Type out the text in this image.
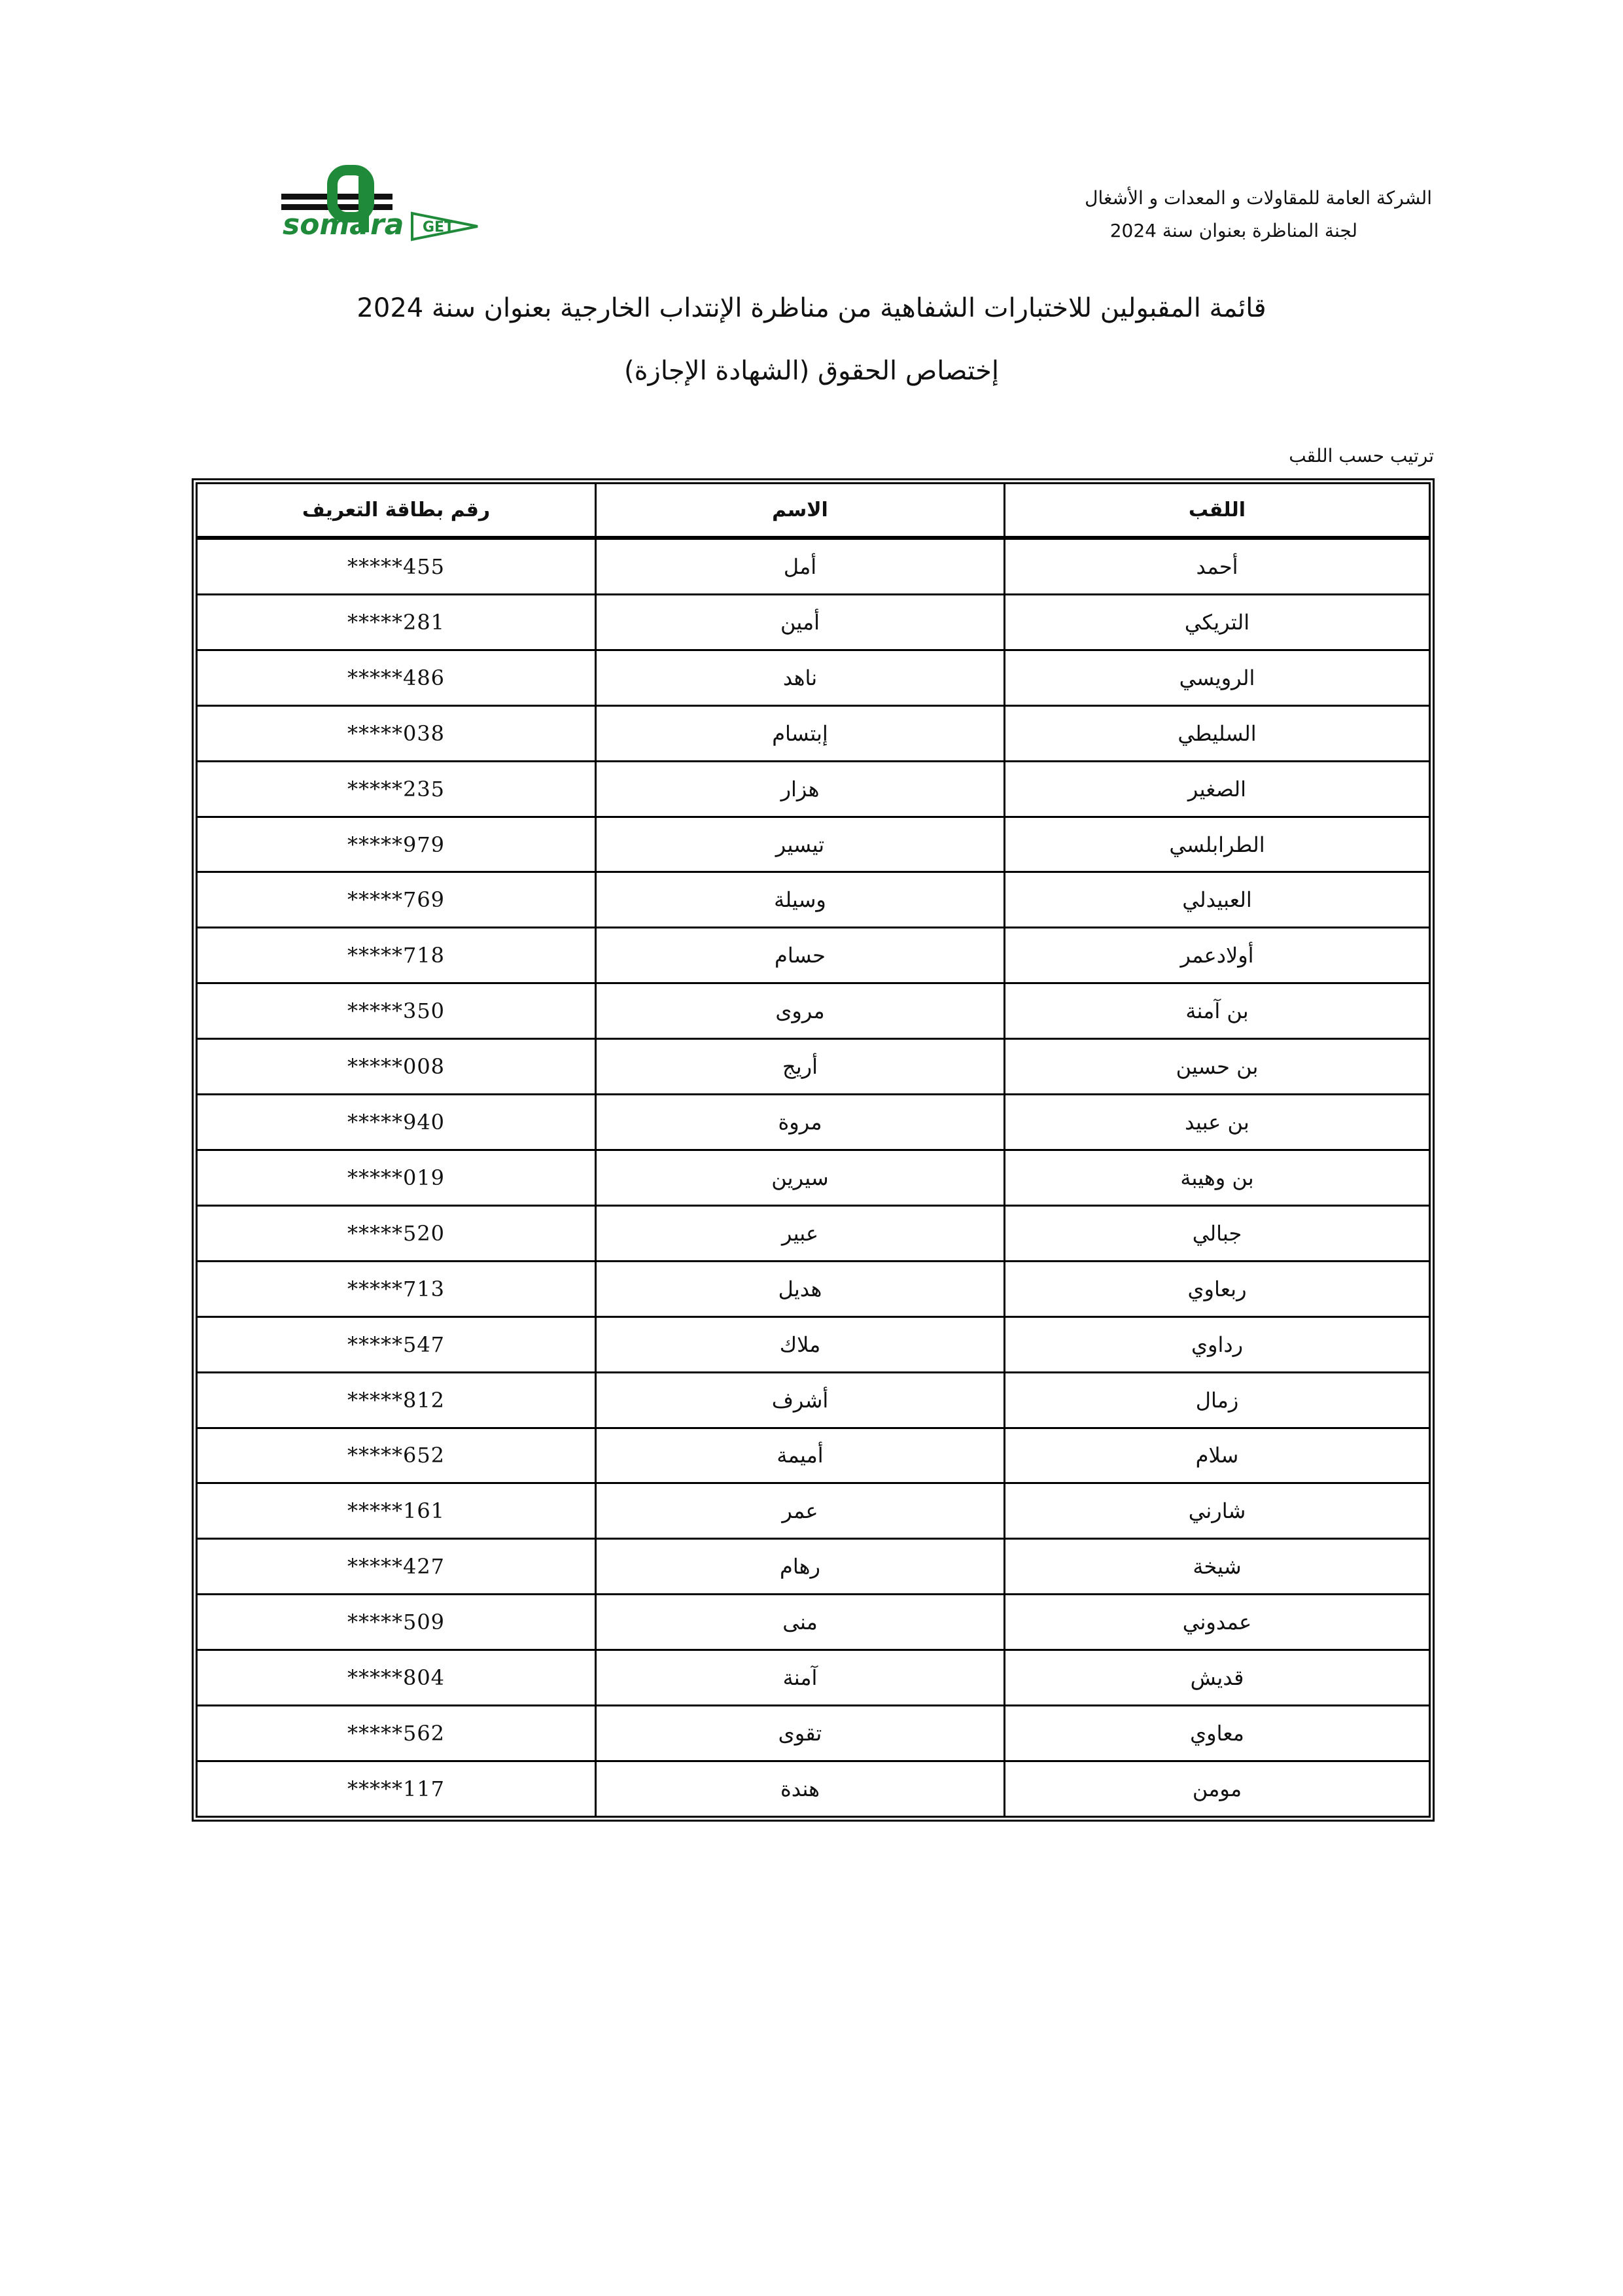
الشركة العامة للمقاولات و المعدات و الأشغال
لجنة المناظرة بعنوان سنة 2024
soma ra GET
قائمة المقبولين للاختبارات الشفاهية من مناظرة الإنتداب الخارجية بعنوان سنة 2024
إختصاص الحقوق (الشهادة الإجازة)
ترتيب حسب اللقب
اللقب	الاسم	رقم بطاقة التعريف
أحمد	أمل	*****455
التريكي	أمين	*****281
الرويسي	ناهد	*****486
السليطي	إبتسام	*****038
الصغير	هزار	*****235
الطرابلسي	تيسير	*****979
العبيدلي	وسيلة	*****769
أولادعمر	حسام	*****718
بن آمنة	مروى	*****350
بن حسين	أريج	*****008
بن عبيد	مروة	*****940
بن وهيبة	سيرين	*****019
جبالي	عبير	*****520
ربعاوي	هديل	*****713
رداوي	ملاك	*****547
زمال	أشرف	*****812
سلام	أميمة	*****652
شارني	عمر	*****161
شيخة	رهام	*****427
عمدوني	منى	*****509
قديش	آمنة	*****804
معاوي	تقوى	*****562
مومن	هندة	*****117
